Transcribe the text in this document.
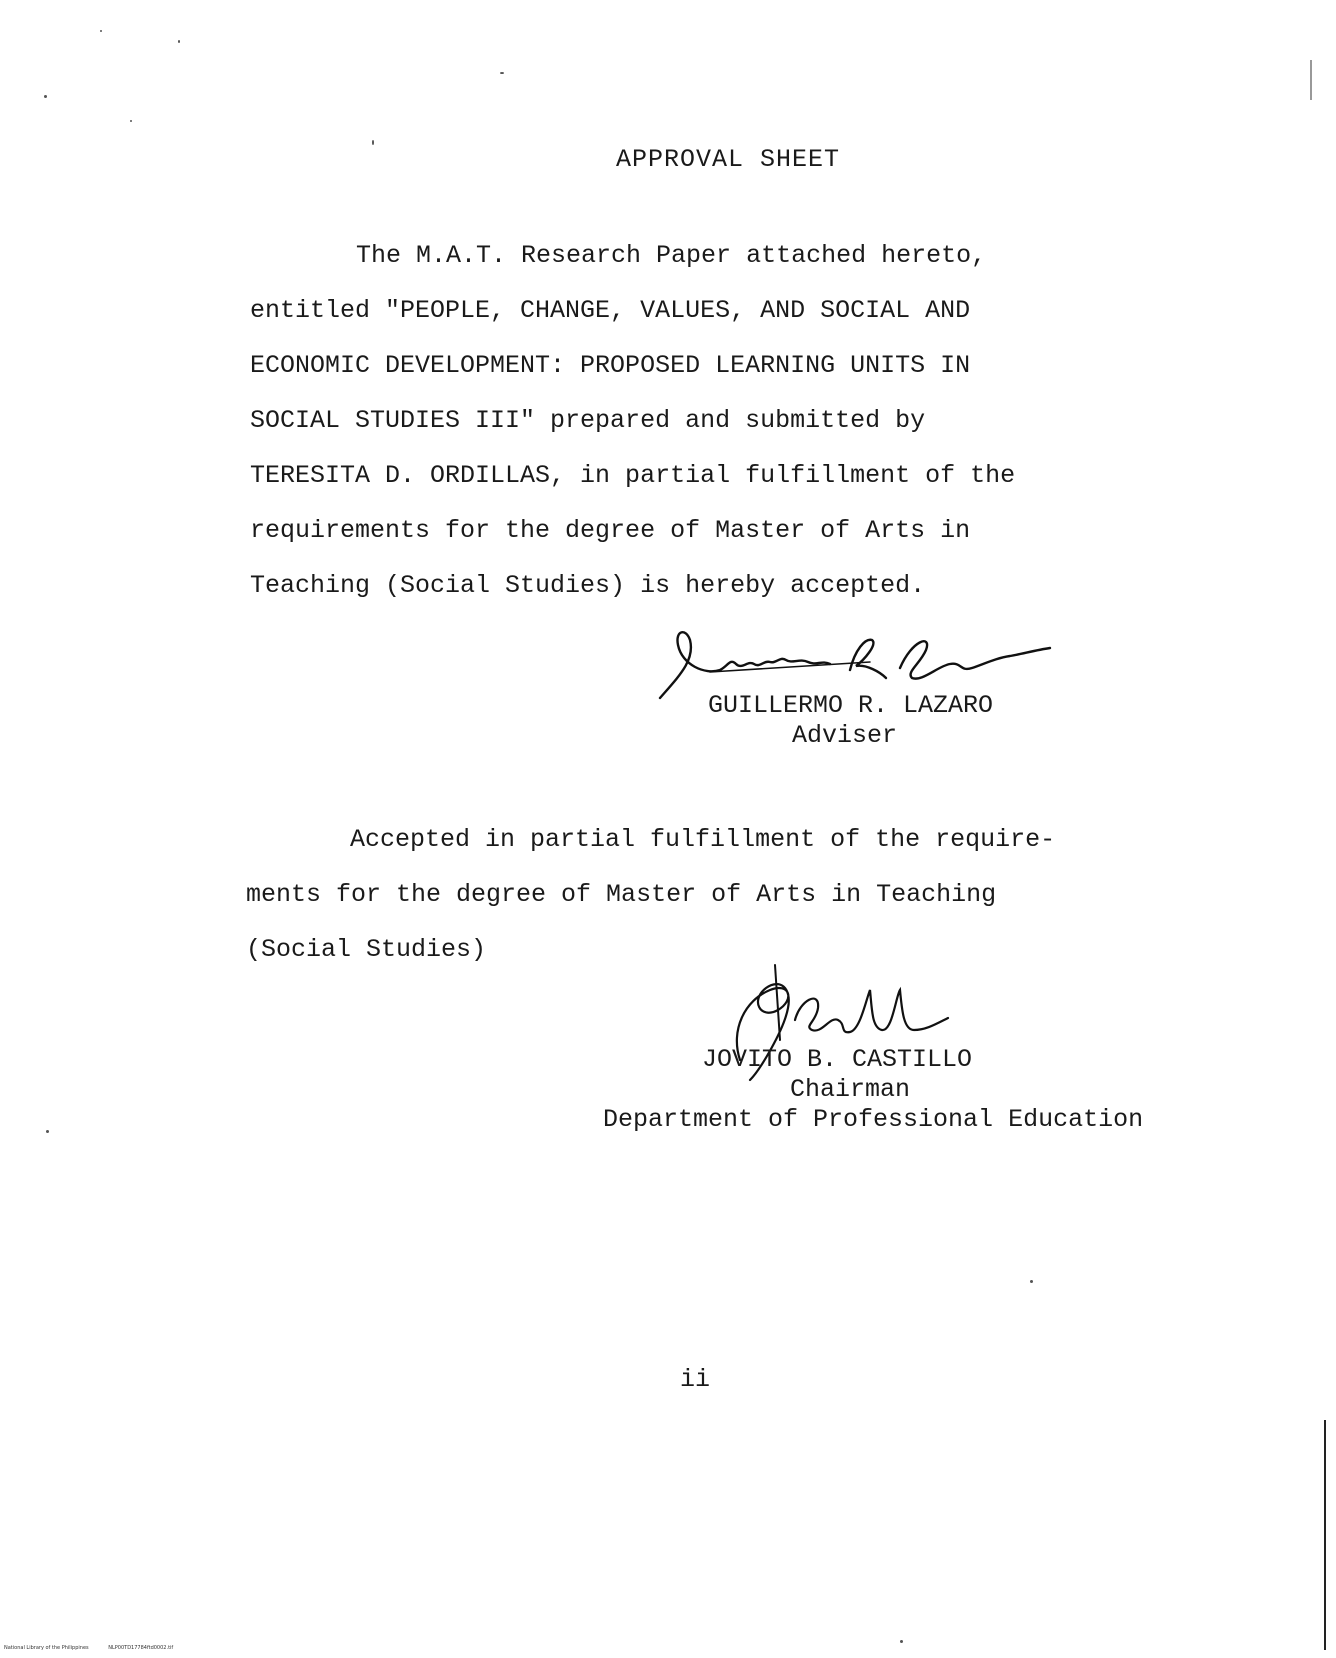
APPROVAL SHEET

The M.A.T. Research Paper attached hereto,
entitled "PEOPLE, CHANGE, VALUES, AND SOCIAL AND
ECONOMIC DEVELOPMENT: PROPOSED LEARNING UNITS IN
SOCIAL STUDIES III" prepared and submitted by
TERESITA D. ORDILLAS, in partial fulfillment of the
requirements for the degree of Master of Arts in
Teaching (Social Studies) is hereby accepted.

GUILLERMO R. LAZARO
Adviser

Accepted in partial fulfillment of the require-
ments for the degree of Master of Arts in Teaching
(Social Studies)

JOVITO B. CASTILLO
Chairman
Department of Professional Education
ii
National Library of the Philippines	NLP00TD17784ftd0002.tif
